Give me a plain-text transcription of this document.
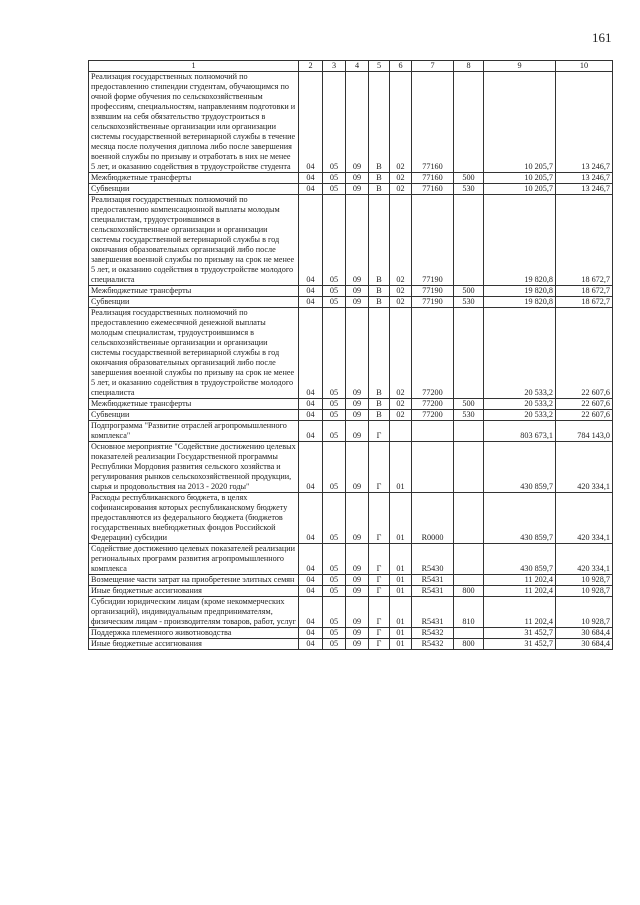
161
1	2	3	4	5	6	7	8	9	10
Реализация государственных полномочий по предоставлению стипендии студентам, обучающимся по очной форме обучения по сельскохозяйственным профессиям, специальностям, направлениям подготовки и взявшим на себя обязательство трудоустроиться в сельскохозяйственные организации или организации системы государственной ветеринарной службы в течение месяца после получения диплома либо после завершения военной службы по призыву и отработать в них не менее 5 лет, и оказанию содействия в трудоустройстве студента	04	05	09	В	02	77160		10 205,7	13 246,7
Межбюджетные трансферты	04	05	09	В	02	77160	500	10 205,7	13 246,7
Субвенции	04	05	09	В	02	77160	530	10 205,7	13 246,7
Реализация государственных полномочий по предоставлению компенсационной выплаты молодым специалистам, трудоустроившимся в сельскохозяйственные организации и организации системы государственной ветеринарной службы в год окончания образовательных организаций либо после завершения военной службы по призыву на срок не менее 5 лет, и оказанию содействия в трудоустройстве молодого специалиста	04	05	09	В	02	77190		19 820,8	18 672,7
Межбюджетные трансферты	04	05	09	В	02	77190	500	19 820,8	18 672,7
Субвенции	04	05	09	В	02	77190	530	19 820,8	18 672,7
Реализация государственных полномочий по предоставлению ежемесячной денежной выплаты молодым специалистам, трудоустроившимся в сельскохозяйственные организации и организации системы государственной ветеринарной службы в год окончания образовательных организаций либо после завершения военной службы по призыву на срок не менее 5 лет, и оказанию содействия в трудоустройстве молодого специалиста	04	05	09	В	02	77200		20 533,2	22 607,6
Межбюджетные трансферты	04	05	09	В	02	77200	500	20 533,2	22 607,6
Субвенции	04	05	09	В	02	77200	530	20 533,2	22 607,6
Подпрограмма "Развитие отраслей агропромышленного комплекса"	04	05	09	Г				803 673,1	784 143,0
Основное мероприятие "Содействие достижению целевых показателей реализации Государственной программы Республики Мордовия развития сельского хозяйства и регулирования рынков сельскохозяйственной продукции, сырья и продовольствия на 2013 - 2020 годы"	04	05	09	Г	01			430 859,7	420 334,1
Расходы республиканского бюджета, в целях софинансирования которых республиканскому бюджету предоставляются из федерального бюджета (бюджетов государственных внебюджетных фондов Российской Федерации) субсидии	04	05	09	Г	01	R0000		430 859,7	420 334,1
Содействие достижению целевых показателей реализации региональных программ развития агропромышленного комплекса	04	05	09	Г	01	R5430		430 859,7	420 334,1
Возмещение части затрат на приобретение элитных семян	04	05	09	Г	01	R5431		11 202,4	10 928,7
Иные бюджетные ассигнования	04	05	09	Г	01	R5431	800	11 202,4	10 928,7
Субсидии юридическим лицам (кроме некоммерческих организаций), индивидуальным предпринимателям, физическим лицам - производителям товаров, работ, услуг	04	05	09	Г	01	R5431	810	11 202,4	10 928,7
Поддержка племенного животноводства	04	05	09	Г	01	R5432		31 452,7	30 684,4
Иные бюджетные ассигнования	04	05	09	Г	01	R5432	800	31 452,7	30 684,4
